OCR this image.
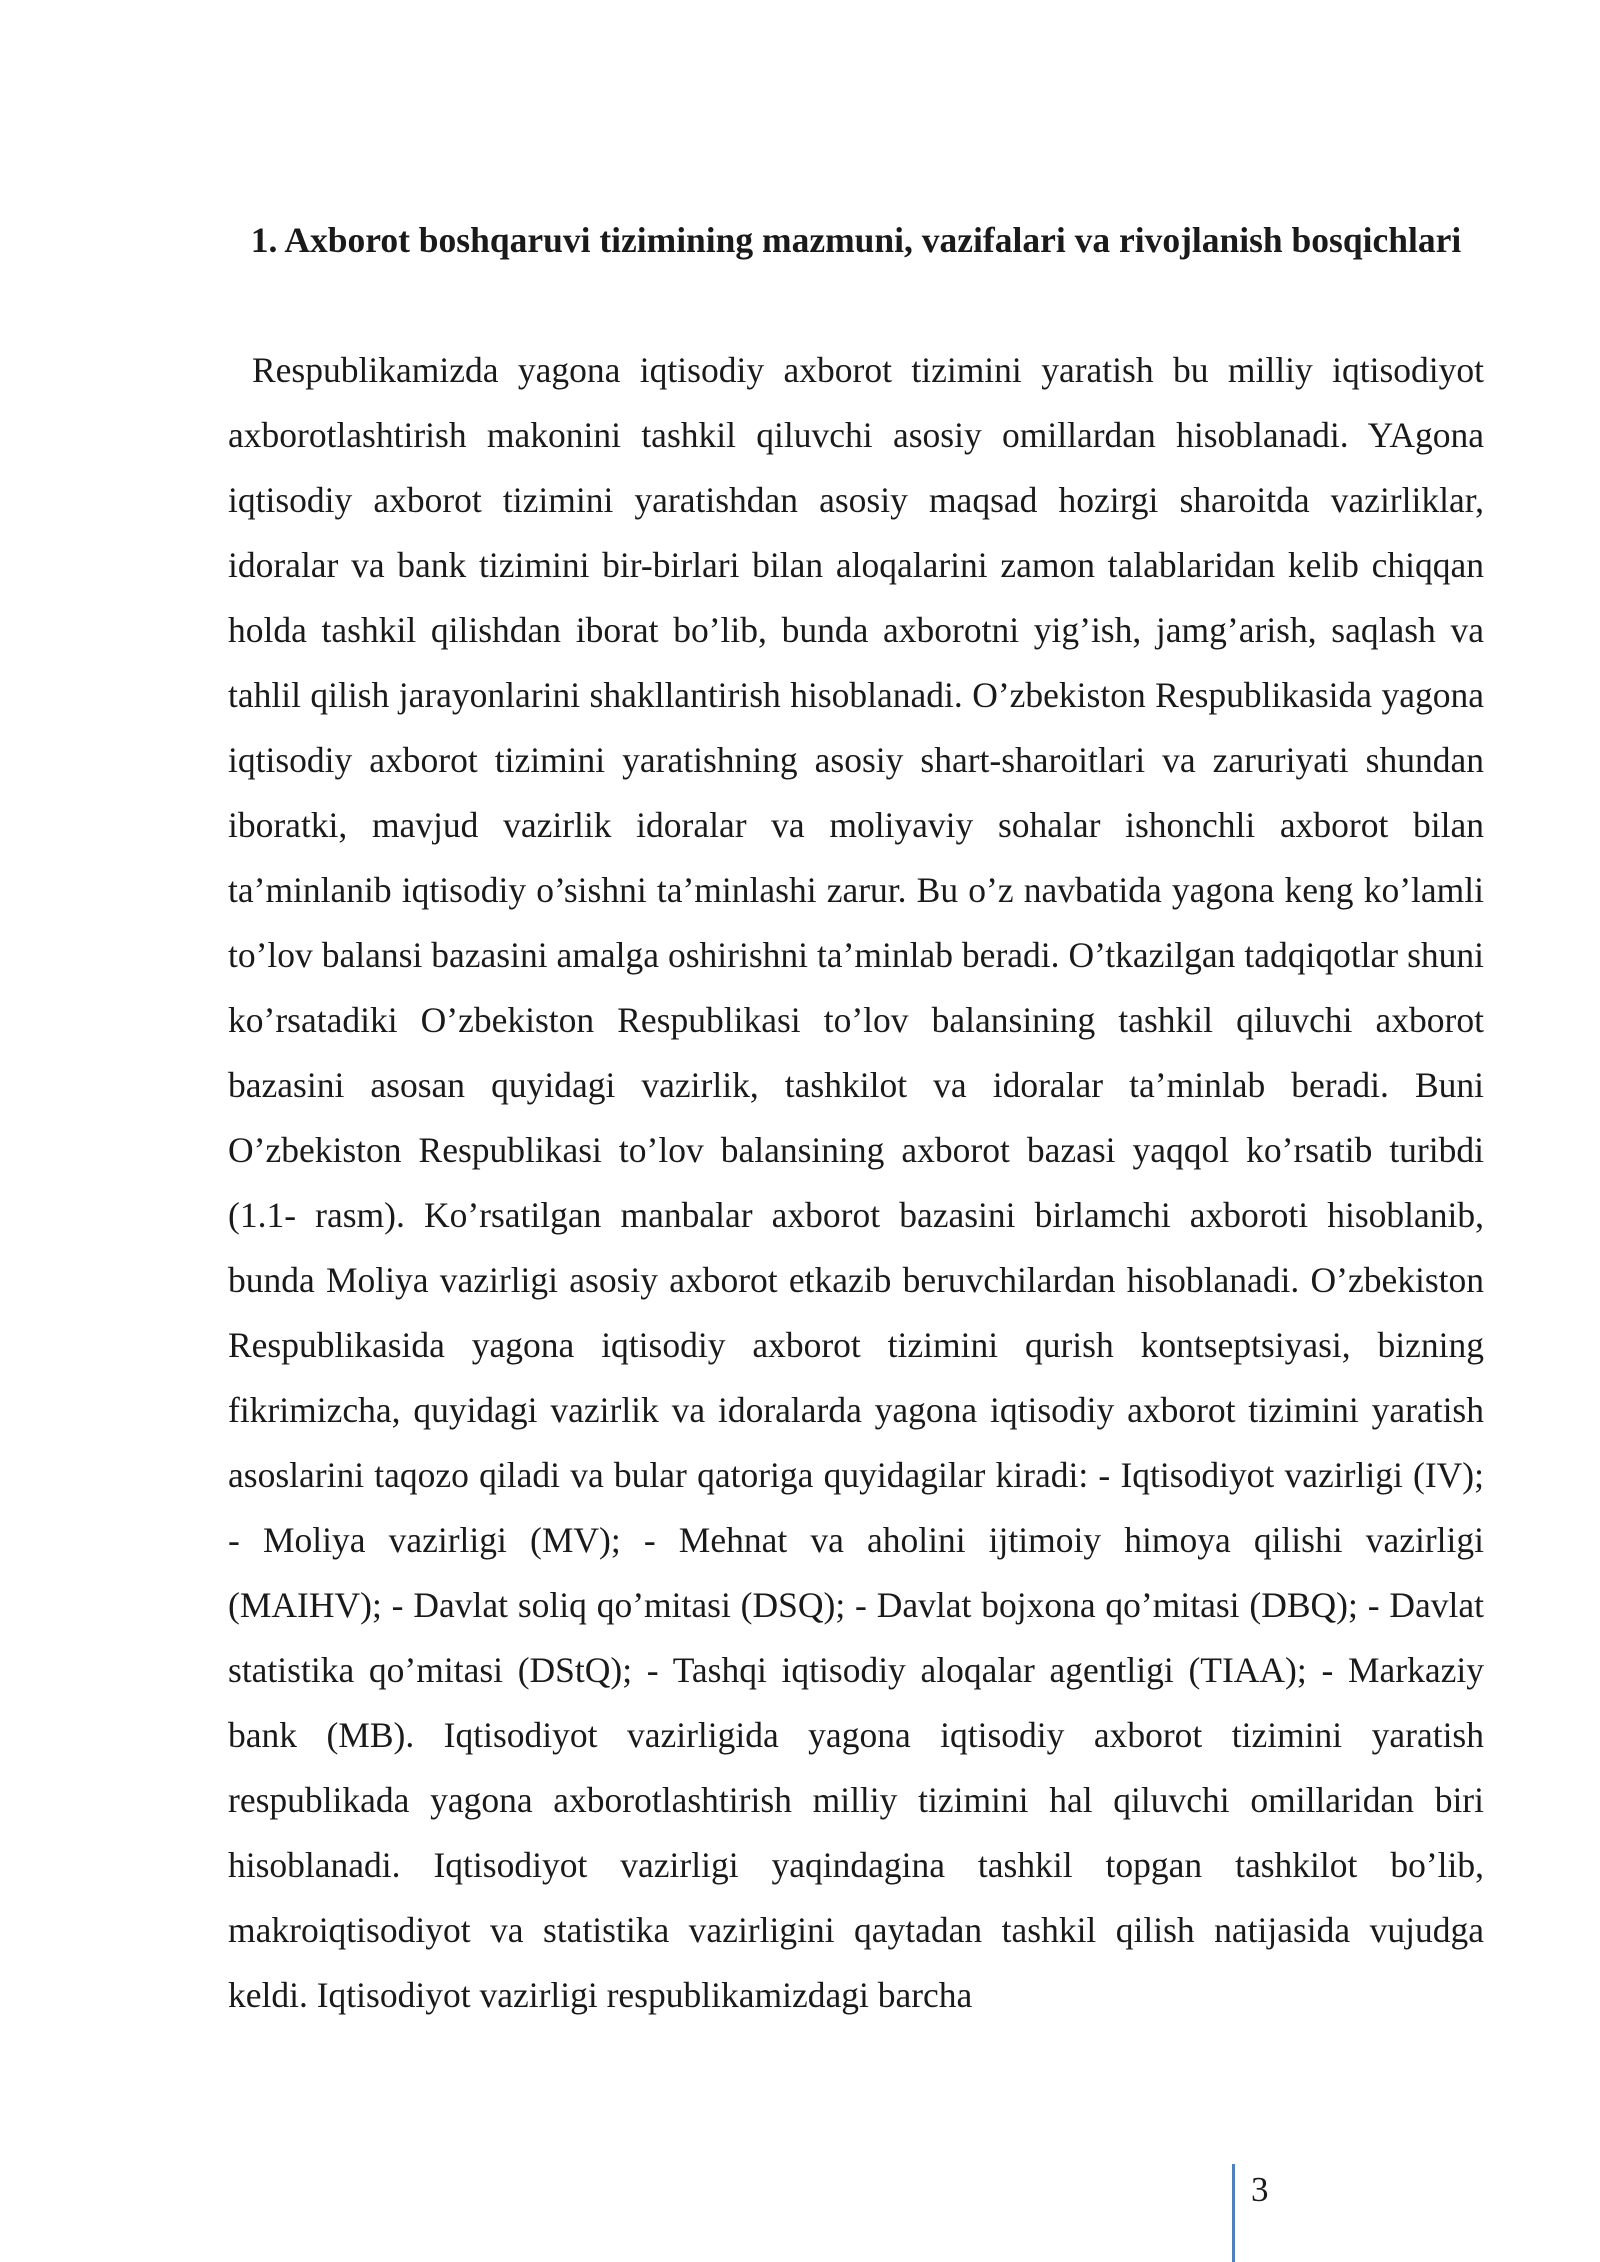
1. Axborot boshqaruvi tizimining mazmuni, vazifalari va rivojlanish bosqichlari

Respublikamizda yagona iqtisodiy axborot tizimini yaratish bu milliy iqtisodiyot axborotlashtirish makonini tashkil qiluvchi asosiy omillardan hisoblanadi. YAgona iqtisodiy axborot tizimini yaratishdan asosiy maqsad hozirgi sharoitda vazirliklar, idoralar va bank tizimini bir-birlari bilan aloqalarini zamon talablaridan kelib chiqqan holda tashkil qilishdan iborat bo’lib, bunda axborotni yig’ish, jamg’arish, saqlash va tahlil qilish jarayonlarini shakllantirish hisoblanadi. O’zbekiston Respublikasida yagona iqtisodiy axborot tizimini yaratishning asosiy shart-sharoitlari va zaruriyati shundan iboratki, mavjud vazirlik idoralar va moliyaviy sohalar ishonchli axborot bilan ta’minlanib iqtisodiy o’sishni ta’minlashi zarur. Bu o’z navbatida yagona keng ko’lamli to’lov balansi bazasini amalga oshirishni ta’minlab beradi. O’tkazilgan tadqiqotlar shuni ko’rsatadiki O’zbekiston Respublikasi to’lov balansining tashkil qiluvchi axborot bazasini asosan quyidagi vazirlik, tashkilot va idoralar ta’minlab beradi. Buni O’zbekiston Respublikasi to’lov balansining axborot bazasi yaqqol ko’rsatib turibdi (1.1- rasm). Ko’rsatilgan manbalar axborot bazasini birlamchi axboroti hisoblanib, bunda Moliya vazirligi asosiy axborot etkazib beruvchilardan hisoblanadi. O’zbekiston Respublikasida yagona iqtisodiy axborot tizimini qurish kontseptsiyasi, bizning fikrimizcha, quyidagi vazirlik va idoralarda yagona iqtisodiy axborot tizimini yaratish asoslarini taqozo qiladi va bular qatoriga quyidagilar kiradi: - Iqtisodiyot vazirligi (IV); - Moliya vazirligi (MV); - Mehnat va aholini ijtimoiy himoya qilishi vazirligi (MAIHV); - Davlat soliq qo’mitasi (DSQ); - Davlat bojxona qo’mitasi (DBQ); - Davlat statistika qo’mitasi (DStQ); - Tashqi iqtisodiy aloqalar agentligi (TIAA); - Markaziy bank (MB). Iqtisodiyot vazirligida yagona iqtisodiy axborot tizimini yaratish respublikada yagona axborotlashtirish milliy tizimini hal qiluvchi omillaridan biri hisoblanadi. Iqtisodiyot vazirligi yaqindagina tashkil topgan tashkilot bo’lib, makroiqtisodiyot va statistika vazirligini qaytadan tashkil qilish natijasida vujudga keldi. Iqtisodiyot vazirligi respublikamizdagi barcha

3
